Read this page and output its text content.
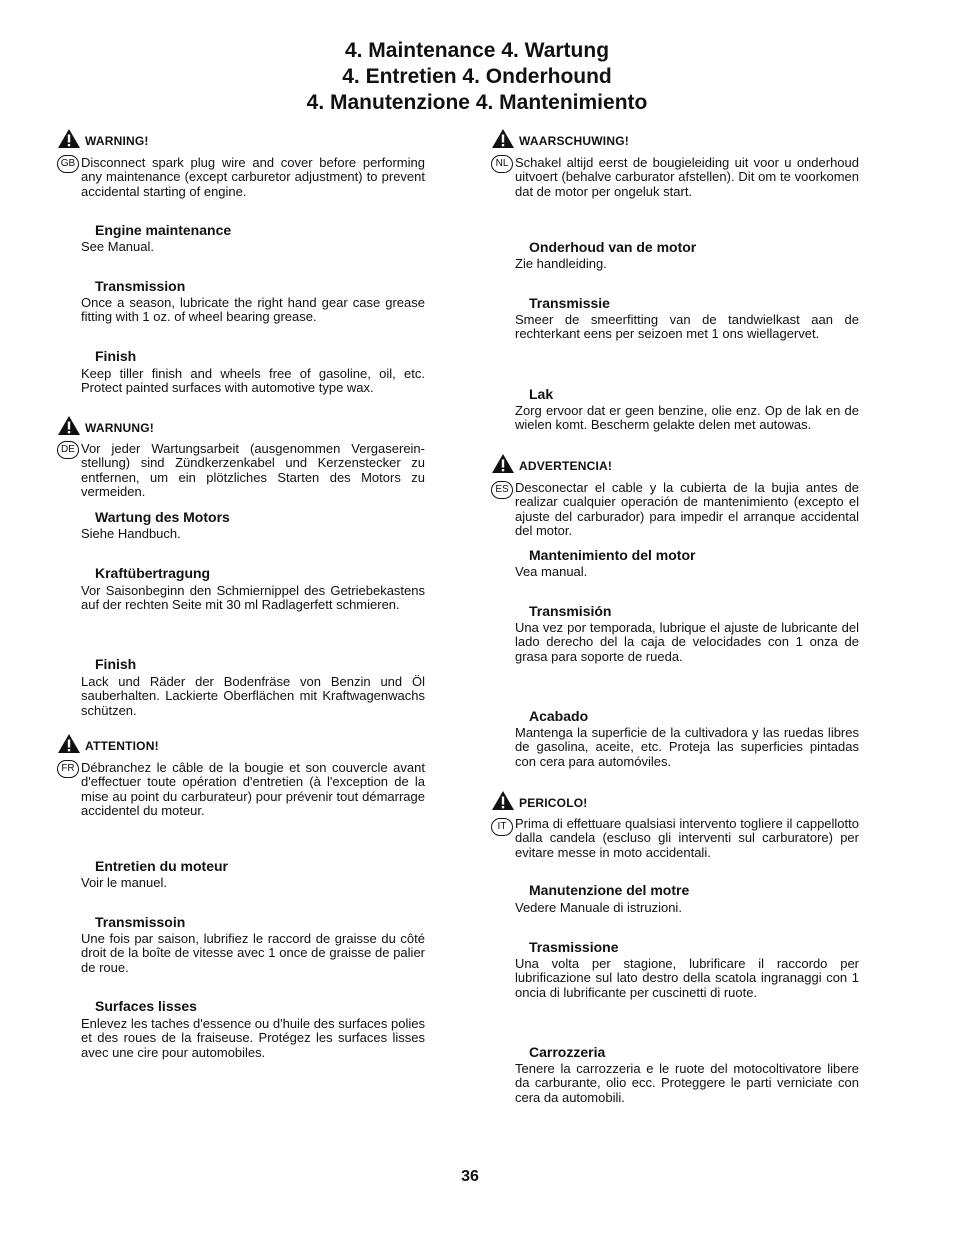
4. Maintenance 4. Wartung
4. Entretien 4. Onderhound
4. Manutenzione 4. Mantenimiento
WARNING!
GB Disconnect spark plug wire and cover before performing any maintenance (except carburetor adjustment) to prevent accidental starting of engine.
Engine maintenance
See Manual.
Transmission
Once a season, lubricate the right hand gear case grease fitting with 1 oz. of wheel bearing grease.
Finish
Keep tiller finish and wheels free of gasoline, oil, etc. Protect painted surfaces with automotive type wax.
WARNUNG!
DE Vor jeder Wartungsarbeit (ausgenommen Vergaserein-stellung) sind Zündkerzenkabel und Kerzenstecker zu entfernen, um ein plötzliches Starten des Motors zu vermeiden.
Wartung des Motors
Siehe Handbuch.
Kraftübertragung
Vor Saisonbeginn den Schmiernippel des Getriebekastens auf der rechten Seite mit 30 ml Radlagerfett schmieren.
Finish
Lack und Räder der Bodenfräse von Benzin und Öl sauberhalten. Lackierte Oberflächen mit Kraftwagenwachs schützen.
ATTENTION!
FR Débranchez le câble de la bougie et son couvercle avant d'effectuer toute opération d'entretien (à l'exception de la mise au point du carburateur) pour prévenir tout démarrage accidentel du moteur.
Entretien du moteur
Voir le manuel.
Transmissoin
Une fois par saison, lubrifiez le raccord de graisse du côté droit de la boîte de vitesse avec 1 once de graisse de palier de roue.
Surfaces lisses
Enlevez les taches d'essence ou d'huile des surfaces polies et des roues de la fraiseuse. Protégez les surfaces lisses avec une cire pour automobiles.
WAARSCHUWING!
NL Schakel altijd eerst de bougieleiding uit voor u onderhoud uitvoert (behalve carburator afstellen). Dit om te voorkomen dat de motor per ongeluk start.
Onderhoud van de motor
Zie handleiding.
Transmissie
Smeer de smeerfitting van de tandwielkast aan de rechterkant eens per seizoen met 1 ons wiellagervet.
Lak
Zorg ervoor dat er geen benzine, olie enz. Op de lak en de wielen komt. Bescherm gelakte delen met autowas.
ADVERTENCIA!
ES Desconectar el cable y la cubierta de la bujia antes de realizar cualquier operación de mantenimiento (excepto el ajuste del carburador) para impedir el arranque accidental del motor.
Mantenimiento del motor
Vea manual.
Transmisión
Una vez por temporada, lubrique el ajuste de lubricante del lado derecho del la caja de velocidades con 1 onza de grasa para soporte de rueda.
Acabado
Mantenga la superficie de la cultivadora y las ruedas libres de gasolina, aceite, etc. Proteja las superficies pintadas con cera para automóviles.
PERICOLO!
IT Prima di effettuare qualsiasi intervento togliere il cappellotto dalla candela (escluso gli interventi sul carburatore) per evitare messe in moto accidentali.
Manutenzione del motre
Vedere Manuale di istruzioni.
Trasmissione
Una volta per stagione, lubrificare il raccordo per lubrificazione sul lato destro della scatola ingranaggi con 1 oncia di lubrificante per cuscinetti di ruote.
Carrozzeria
Tenere la carrozzeria e le ruote del motocoltivatore libere da carburante, olio ecc. Proteggere le parti verniciate con cera da automobili.
36
